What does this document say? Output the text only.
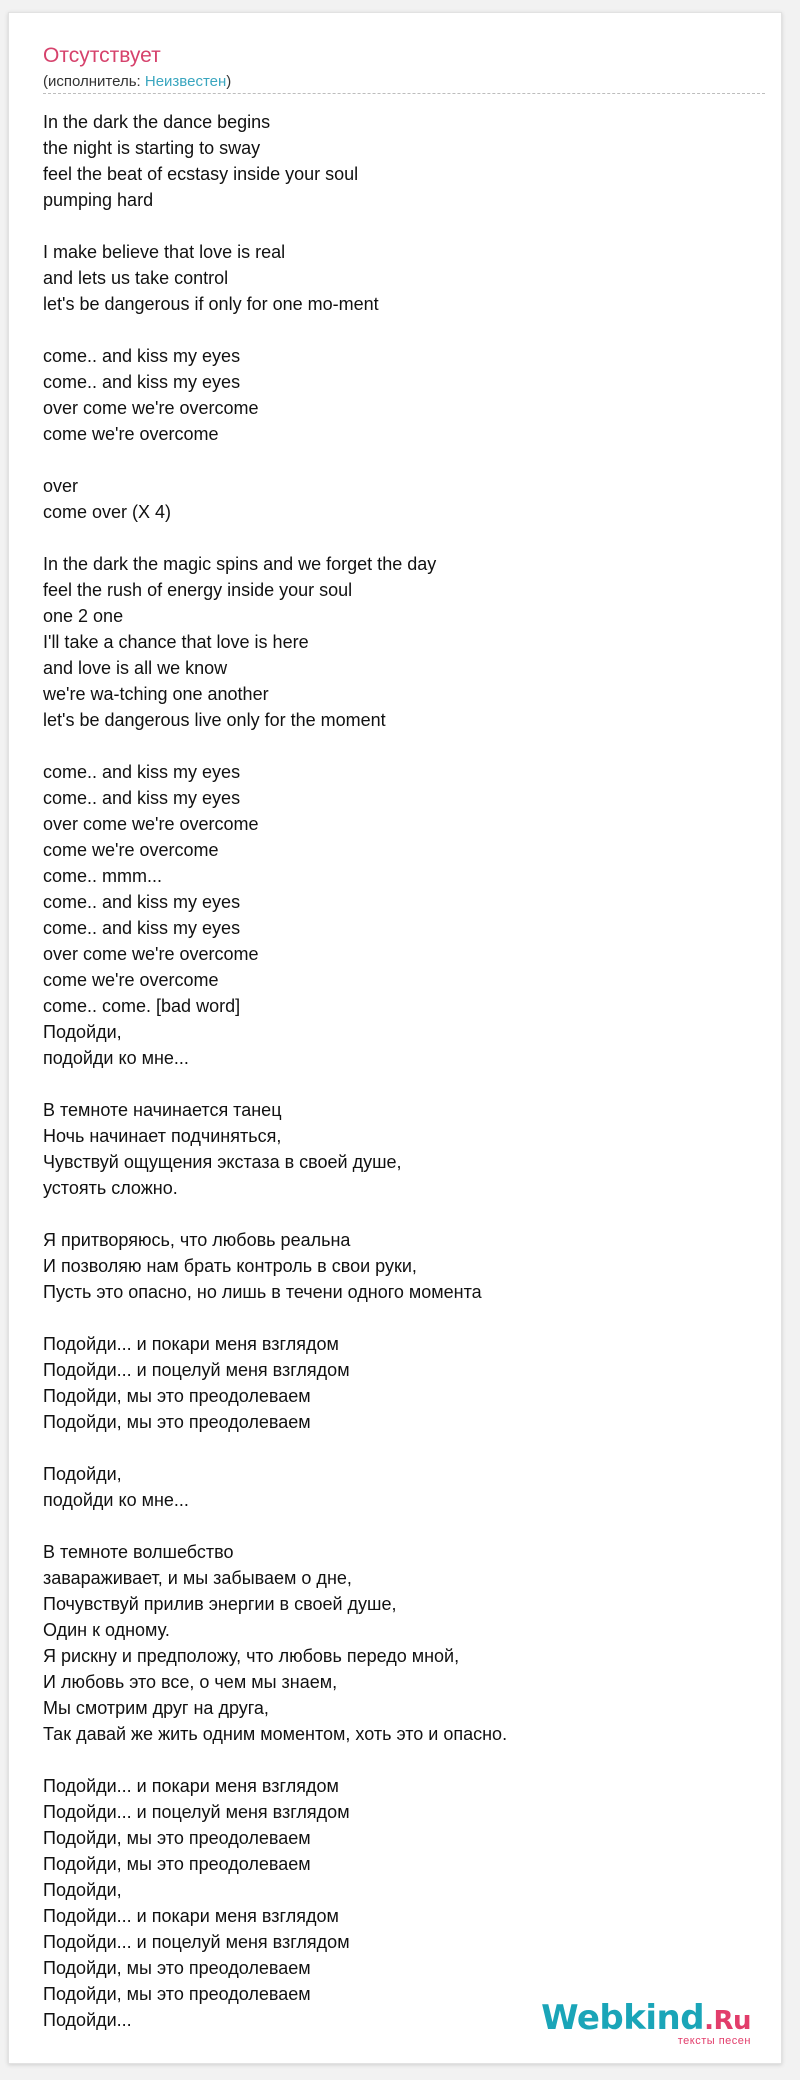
Отсутствует
(исполнитель: Неизвестен)
In the dark the dance begins
the night is starting to sway
feel the beat of ecstasy inside your soul
pumping hard

I make believe that love is real
and lets us take control
let's be dangerous if only for one mo-ment

come.. and kiss my eyes
come.. and kiss my eyes
over come we're overcome
come we're overcome

over
come over (X 4)

In the dark the magic spins and we forget the day
feel the rush of energy inside your soul
one 2 one
I'll take a chance that love is here
and love is all we know
we're wa-tching one another
let's be dangerous live only for the moment

come.. and kiss my eyes
come.. and kiss my eyes
over come we're overcome
come we're overcome
come.. mmm...
come.. and kiss my eyes
come.. and kiss my eyes
over come we're overcome
come we're overcome
come.. come. [bad word]
Подойди,
подойди ко мне...

В темноте начинается танец
Ночь начинает подчиняться,
Чувствуй ощущения экстаза в своей душе,
устоять сложно.

Я притворяюсь, что любовь реальна
И позволяю нам брать контроль в свои руки,
Пусть это опасно, но лишь в течени одного момента

Подойди... и покари меня взглядом
Подойди... и поцелуй меня взглядом
Подойди, мы это преодолеваем
Подойди, мы это преодолеваем

Подойди,
подойди ко мне...

В темноте волшебство
завараживает, и мы забываем о дне,
Почувствуй прилив энергии в своей душе,
Один к одному.
Я рискну и предположу, что любовь передо мной,
И любовь это все, о чем мы знаем,
Мы смотрим друг на друга,
Так давай же жить одним моментом, хоть это и опасно.

Подойди... и покари меня взглядом
Подойди... и поцелуй меня взглядом
Подойди, мы это преодолеваем
Подойди, мы это преодолеваем
Подойди,
Подойди... и покари меня взглядом
Подойди... и поцелуй меня взглядом
Подойди, мы это преодолеваем
Подойди, мы это преодолеваем
Подойди...	Webkind.Ru
тексты песен
